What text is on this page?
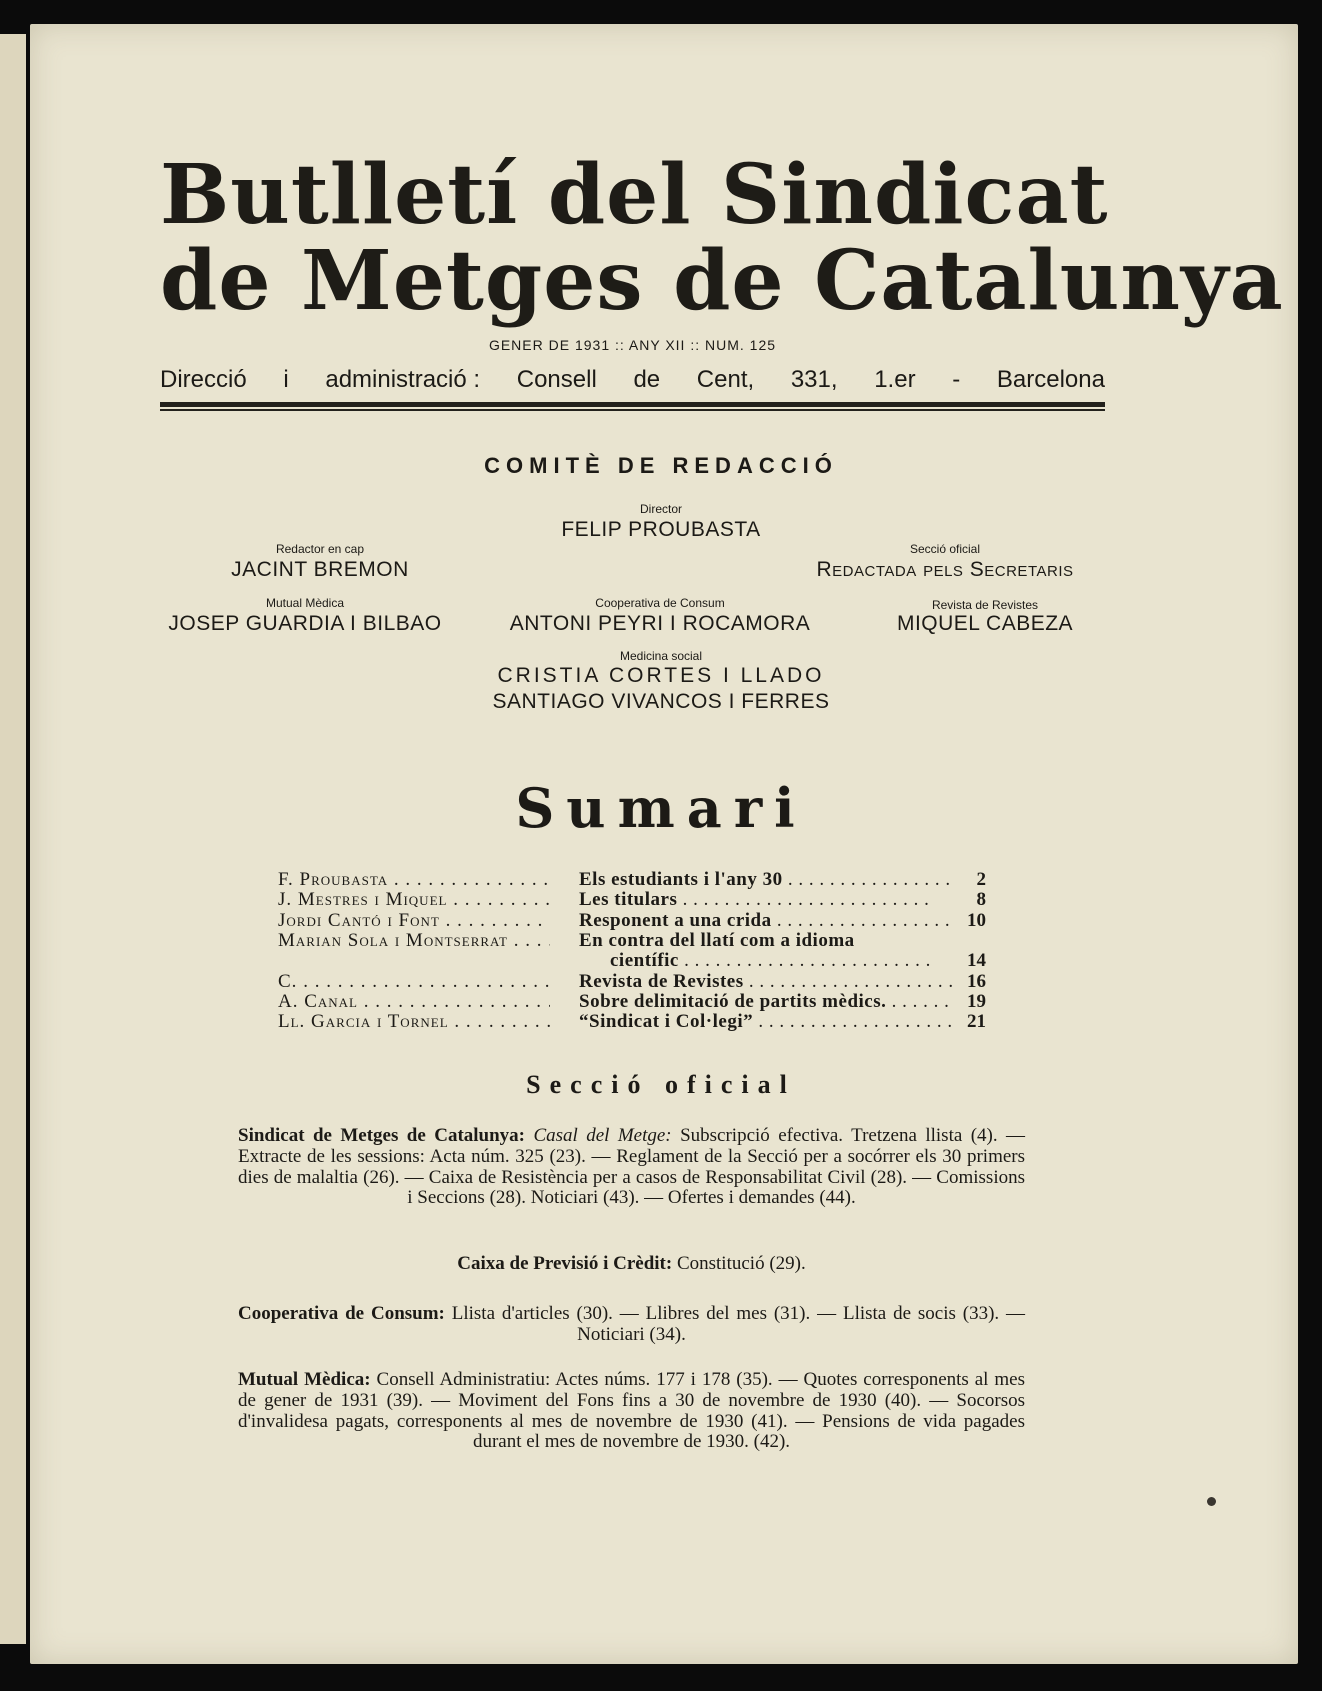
Butlletí del Sindicat
de Metges de Catalunya
GENER DE 1931 :: ANY XII :: NUM. 125
Direcció i administració : Consell de Cent, 331, 1.er - Barcelona
COMITÈ DE REDACCIÓ
Director
FELIP PROUBASTA
Redactor en cap
JACINT BREMON
Secció oficial
Redactada pels Secretaris
Mutual Mèdica
JOSEP GUARDIA I BILBAO
Cooperativa de Consum
ANTONI PEYRI I ROCAMORA
Revista de Revistes
MIQUEL CABEZA
Medicina social
CRISTIA CORTES I LLADO
SANTIAGO VIVANCOS I FERRES
Sumari
F. Proubasta . . .	Els estudiants i l'any 30 . . .	2
J. Mestres i Miquel . . .	Les titulars . . .	8
Jordi Cantó i Font . . .	Responent a una crida . . .	10
Marian Sola i Montserrat . . .	En contra del llatí com a idioma
científic . . .	14
C. . . .	Revista de Revistes . . .	16
A. Canal . . .	Sobre delimitació de partits mèdics. . . .	19
Ll. Garcia i Tornel . . .	“Sindicat i Col·legi” . . .	21
Secció oficial

Sindicat de Metges de Catalunya: Casal del Metge: Subscripció efectiva. Tretzena llista (4). — Extracte de les sessions: Acta núm. 325 (23). — Reglament de la Secció per a socórrer els 30 primers dies de malaltia (26). — Caixa de Resistència per a casos de Responsabilitat Civil (28). — Comissions i Seccions (28). Noticiari (43). — Ofertes i demandes (44).

Caixa de Previsió i Crèdit: Constitució (29).

Cooperativa de Consum: Llista d'articles (30). — Llibres del mes (31). — Llista de socis (33). — Noticiari (34).

Mutual Mèdica: Consell Administratiu: Actes núms. 177 i 178 (35). — Quotes corresponents al mes de gener de 1931 (39). — Moviment del Fons fins a 30 de novembre de 1930 (40). — Socorsos d'invalidesa pagats, corresponents al mes de novembre de 1930 (41). — Pensions de vida pagades durant el mes de novembre de 1930. (42).
